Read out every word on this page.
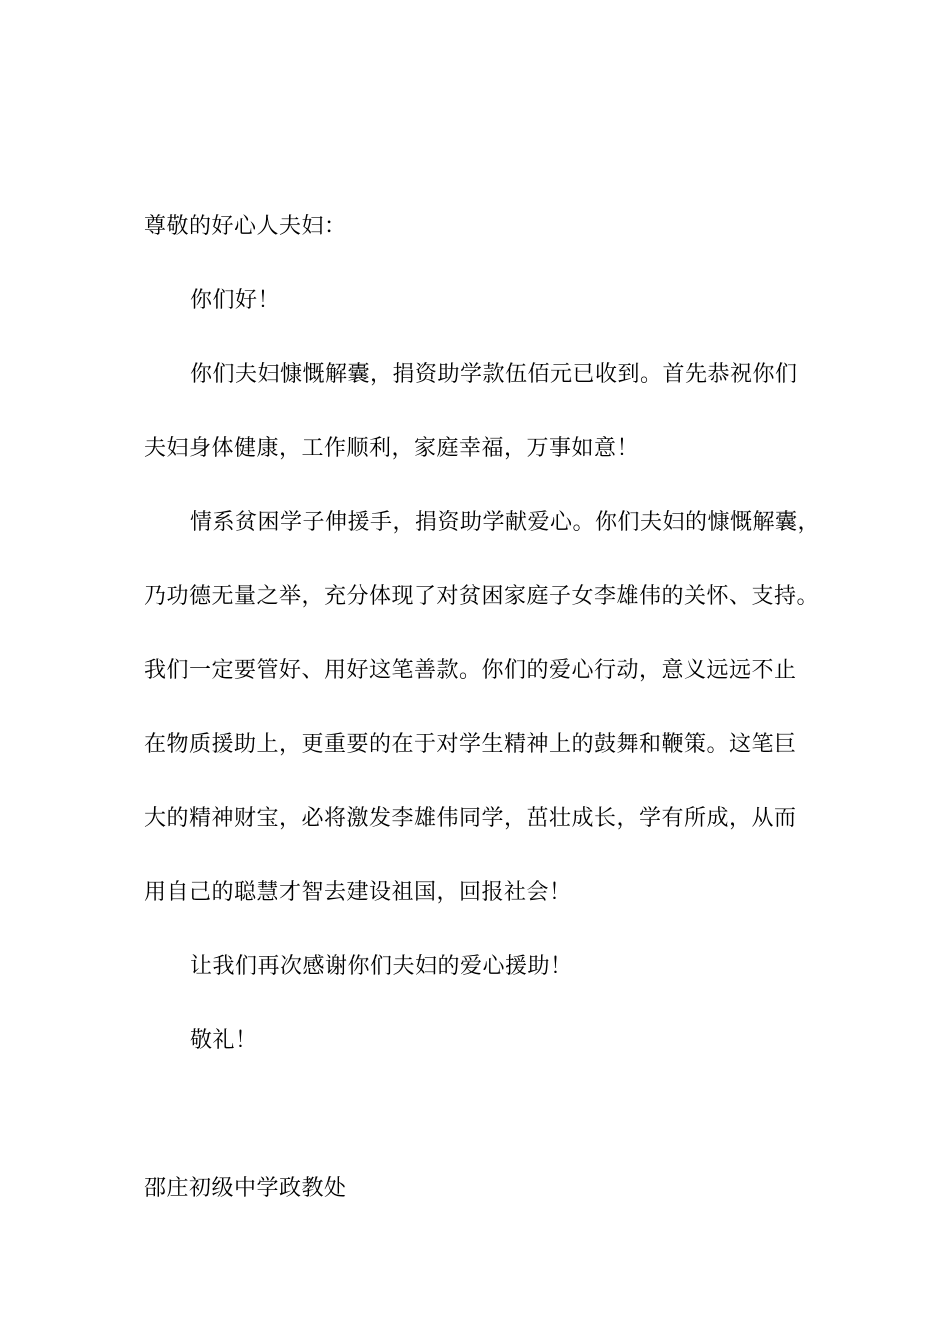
尊敬的好心人夫妇：

你们好！

你们夫妇慷慨解囊，捐资助学款伍佰元已收到。首先恭祝你们

夫妇身体健康，工作顺利，家庭幸福，万事如意！

情系贫困学子伸援手，捐资助学献爱心。你们夫妇的慷慨解囊，

乃功德无量之举，充分体现了对贫困家庭子女李雄伟的关怀、支持。

我们一定要管好、用好这笔善款。你们的爱心行动，意义远远不止

在物质援助上，更重要的在于对学生精神上的鼓舞和鞭策。这笔巨

大的精神财宝，必将激发李雄伟同学，茁壮成长，学有所成，从而

用自己的聪慧才智去建设祖国，回报社会！

让我们再次感谢你们夫妇的爱心援助！

敬礼！

邵庄初级中学政教处
